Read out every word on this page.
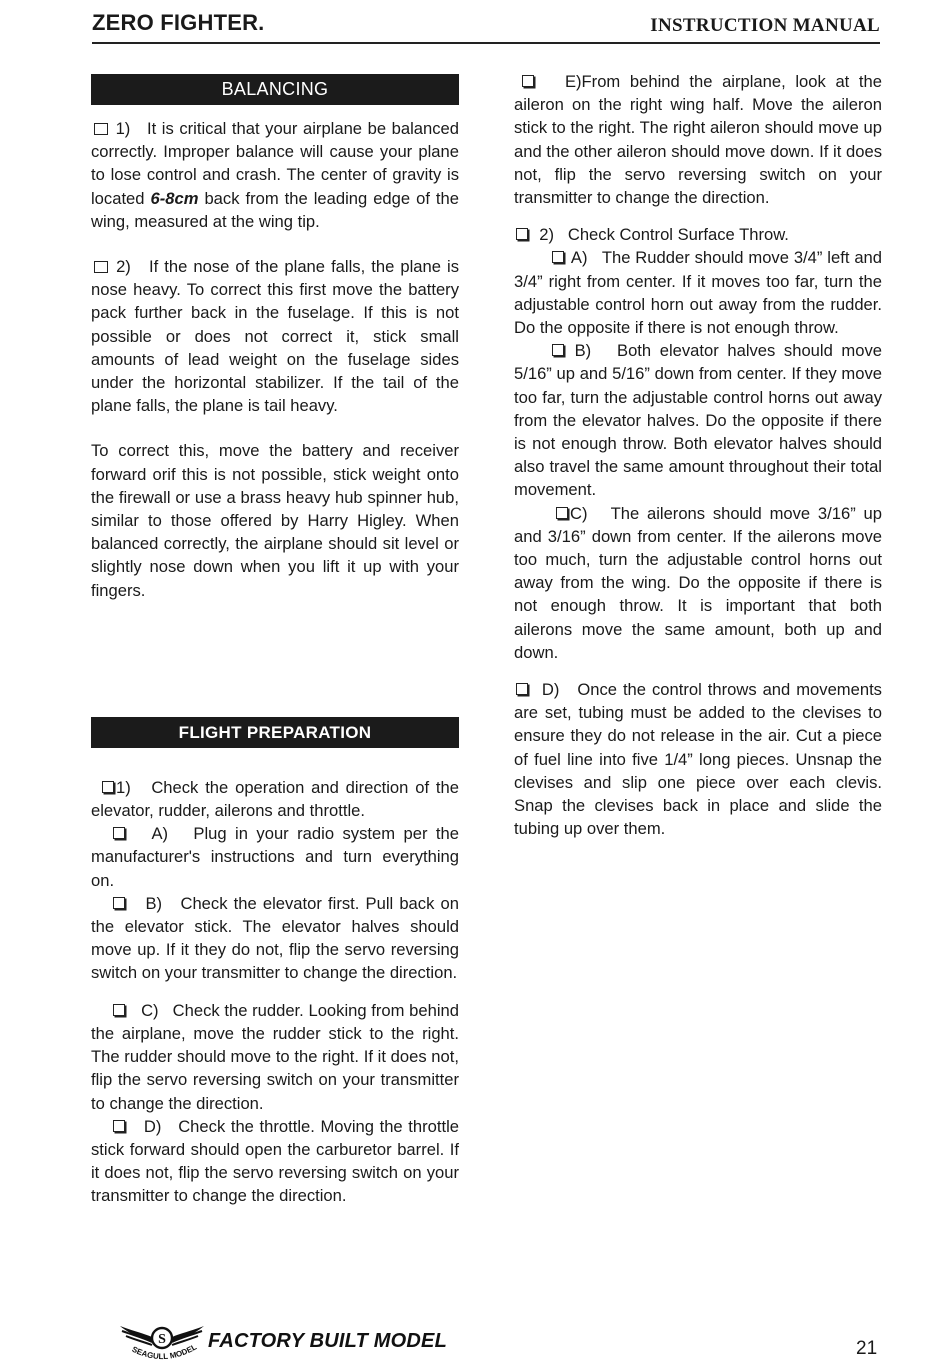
ZERO FIGHTER.	INSTRUCTION MANUAL
BALANCING

1) It is critical that your airplane be balanced correctly. Improper balance will cause your plane to lose control and crash. The center of gravity is located 6-8cm back from the leading edge of the wing, measured at the wing tip.

2) If the nose of the plane falls, the plane is nose heavy. To correct this first move the battery pack further back in the fuselage. If this is not possible or does not correct it, stick small amounts of lead weight on the fuselage sides under the horizontal stabilizer. If the tail of the plane falls, the plane is tail heavy.

To correct this, move the battery and receiver forward orif this is not possible, stick weight onto the firewall or use a brass heavy hub spinner hub, similar to those offered by Harry Higley. When balanced correctly, the airplane should sit level or slightly nose down when you lift it up with your fingers.

FLIGHT PREPARATION

1) Check the operation and direction of the elevator, rudder, ailerons and throttle.

A) Plug in your radio system per the manufacturer's instructions and turn everything on.

B) Check the elevator first. Pull back on the elevator stick. The elevator halves should move up. If it they do not, flip the servo reversing switch on your transmitter to change the direction.

C) Check the rudder. Looking from behind the airplane, move the rudder stick to the right. The rudder should move to the right. If it does not, flip the servo reversing switch on your transmitter to change the direction.

D) Check the throttle. Moving the throttle stick forward should open the carburetor barrel. If it does not, flip the servo reversing switch on your transmitter to change the direction.

E)From behind the airplane, look at the aileron on the right wing half. Move the aileron stick to the right. The right aileron should move up and the other aileron should move down. If it does not, flip the servo reversing switch on your transmitter to change the direction.

2) Check Control Surface Throw.

A) The Rudder should move 3/4” left and 3/4” right from center. If it moves too far, turn the adjustable control horn out away from the rudder. Do the opposite if there is not enough throw.

B) Both elevator halves should move 5/16” up and 5/16” down from center. If they move too far, turn the adjustable control horns out away from the elevator halves. Do the opposite if there is not enough throw. Both elevator halves should also travel the same amount throughout their total movement.

C) The ailerons should move 3/16” up and 3/16” down from center. If the ailerons move too much, turn the adjustable control horns out away from the wing. Do the opposite if there is not enough throw. It is important that both ailerons move the same amount, both up and down.

D) Once the control throws and movements are set, tubing must be added to the clevises to ensure they do not release in the air. Cut a piece of fuel line into five 1/4” long pieces. Unsnap the clevises and slip one piece over each clevis. Snap the clevises back in place and slide the tubing up over them.

S
SEAGULL MODEL FACTORY BUILT MODEL	21
